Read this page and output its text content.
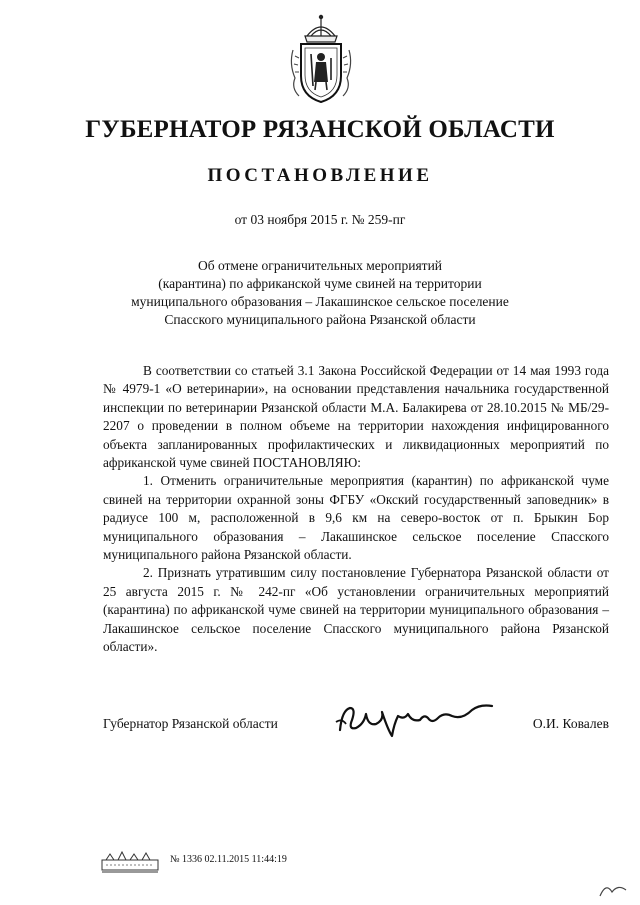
ГУБЕРНАТОР РЯЗАНСКОЙ ОБЛАСТИ
ПОСТАНОВЛЕНИЕ
от 03 ноября 2015 г. № 259-пг
Об отмене ограничительных мероприятий
(карантина) по африканской чуме свиней на территории
муниципального образования – Лакашинское сельское поселение
Спасского муниципального района Рязанской области

В соответствии со статьей 3.1 Закона Российской Федерации от 14 мая 1993 года № 4979-1 «О ветеринарии», на основании представления начальника государственной инспекции по ветеринарии Рязанской области М.А. Балакирева от 28.10.2015 № МБ/29-2207 о проведении в полном объеме на территории нахождения инфицированного объекта запланированных профилактических и ликвидационных мероприятий по африканской чуме свиней ПОСТАНОВЛЯЮ:

1. Отменить ограничительные мероприятия (карантин) по африканской чуме свиней на территории охранной зоны ФГБУ «Окский государственный заповедник» в радиусе 100 м, расположенной в 9,6 км на северо-восток от п. Брыкин Бор муниципального образования – Лакашинское сельское поселение Спасского муниципального района Рязанской области.

2. Признать утратившим силу постановление Губернатора Рязанской области от 25 августа 2015 г. № 242-пг «Об установлении ограничительных мероприятий (карантина) по африканской чуме свиней на территории муниципального образования – Лакашинское сельское поселение Спасского муниципального района Рязанской области».

Губернатор Рязанской области	О.И. Ковалев
№ 1336 02.11.2015 11:44:19
